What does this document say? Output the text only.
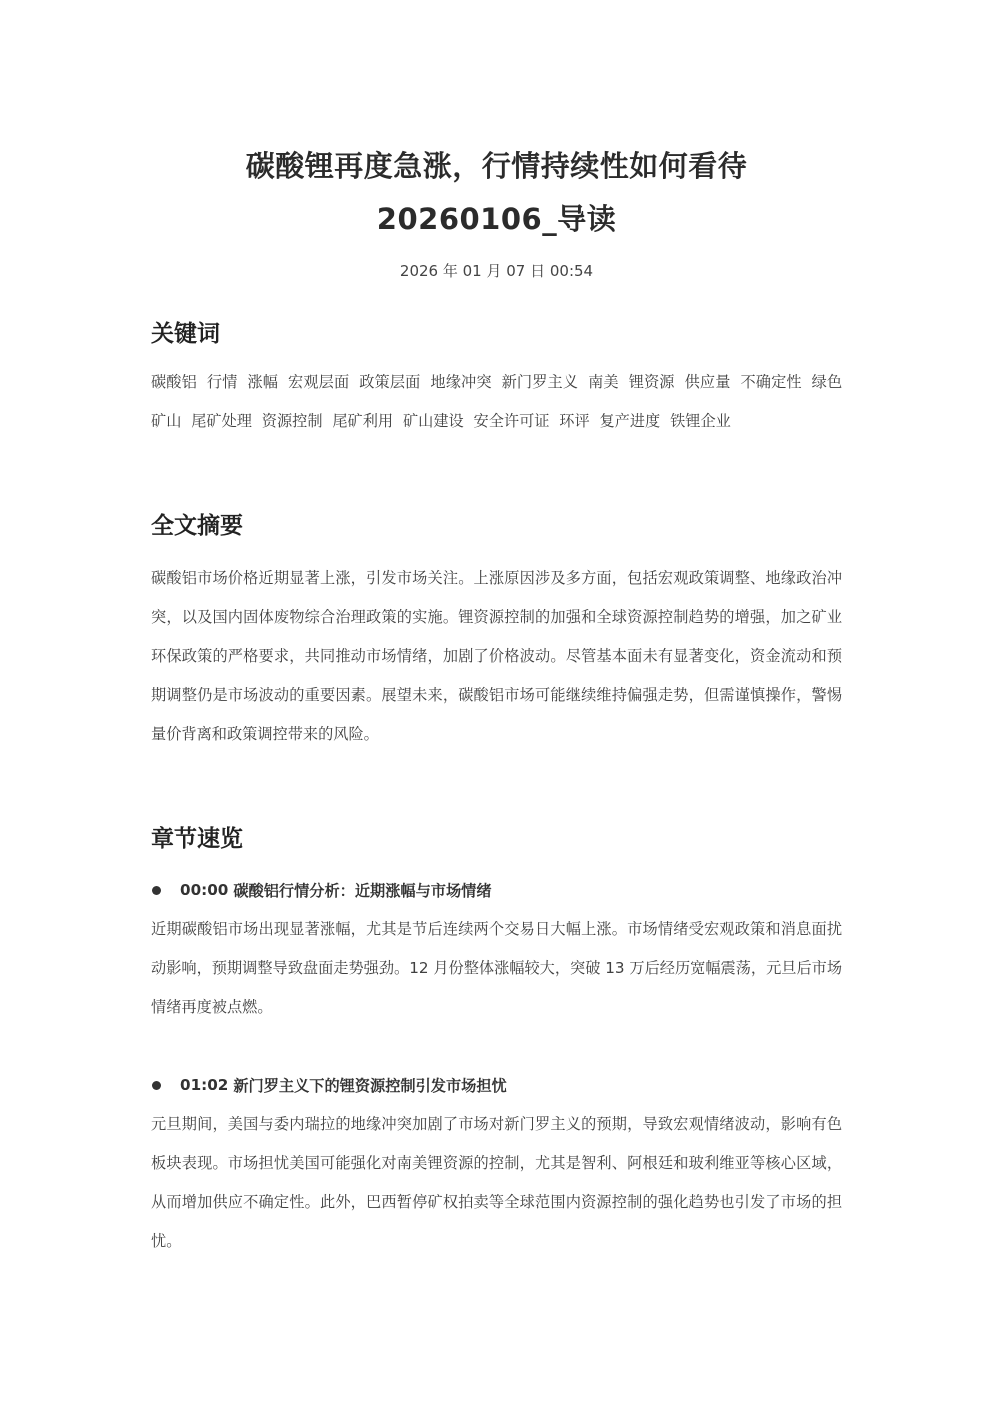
碳酸锂再度急涨，行情持续性如何看待 20260106_导读
2026 年 01 月 07 日 00:54
关键词

碳酸铝 行情 涨幅 宏观层面 政策层面 地缘冲突 新门罗主义 南美 锂资源 供应量 不确定性 绿色矿山 尾矿处理 资源控制 尾矿利用 矿山建设 安全许可证 环评 复产进度 铁锂企业

全文摘要

碳酸铝市场价格近期显著上涨，引发市场关注。上涨原因涉及多方面，包括宏观政策调整、地缘政治冲突，以及国内固体废物综合治理政策的实施。锂资源控制的加强和全球资源控制趋势的增强，加之矿业环保政策的严格要求，共同推动市场情绪，加剧了价格波动。尽管基本面未有显著变化，资金流动和预期调整仍是市场波动的重要因素。展望未来，碳酸铝市场可能继续维持偏强走势，但需谨慎操作，警惕量价背离和政策调控带来的风险。

章节速览
00:00 碳酸铝行情分析：近期涨幅与市场情绪

近期碳酸铝市场出现显著涨幅，尤其是节后连续两个交易日大幅上涨。市场情绪受宏观政策和消息面扰动影响，预期调整导致盘面走势强劲。12 月份整体涨幅较大，突破 13 万后经历宽幅震荡，元旦后市场情绪再度被点燃。

01:02 新门罗主义下的锂资源控制引发市场担忧

元旦期间，美国与委内瑞拉的地缘冲突加剧了市场对新门罗主义的预期，导致宏观情绪波动，影响有色板块表现。市场担忧美国可能强化对南美锂资源的控制，尤其是智利、阿根廷和玻利维亚等核心区域，从而增加供应不确定性。此外，巴西暂停矿权拍卖等全球范围内资源控制的强化趋势也引发了市场的担忧。
